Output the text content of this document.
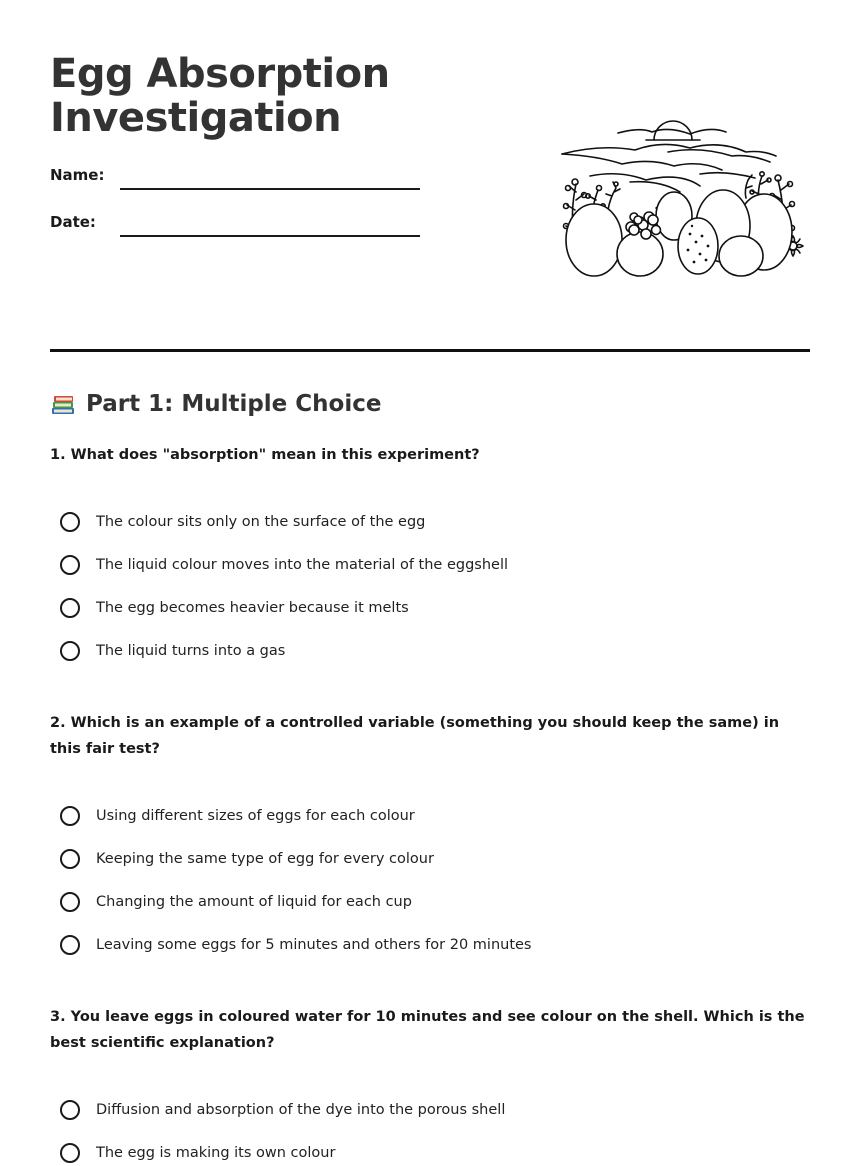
Egg Absorption Investigation
Name:
Date:
Part 1: Multiple Choice

1. What does "absorption" mean in this experiment?

The colour sits only on the surface of the egg
The liquid colour moves into the material of the eggshell
The egg becomes heavier because it melts
The liquid turns into a gas

2. Which is an example of a controlled variable (something you should keep the same) in this fair test?

Using different sizes of eggs for each colour
Keeping the same type of egg for every colour
Changing the amount of liquid for each cup
Leaving some eggs for 5 minutes and others for 20 minutes

3. You leave eggs in coloured water for 10 minutes and see colour on the shell. Which is the best scientific explanation?

Diffusion and absorption of the dye into the porous shell
The egg is making its own colour
